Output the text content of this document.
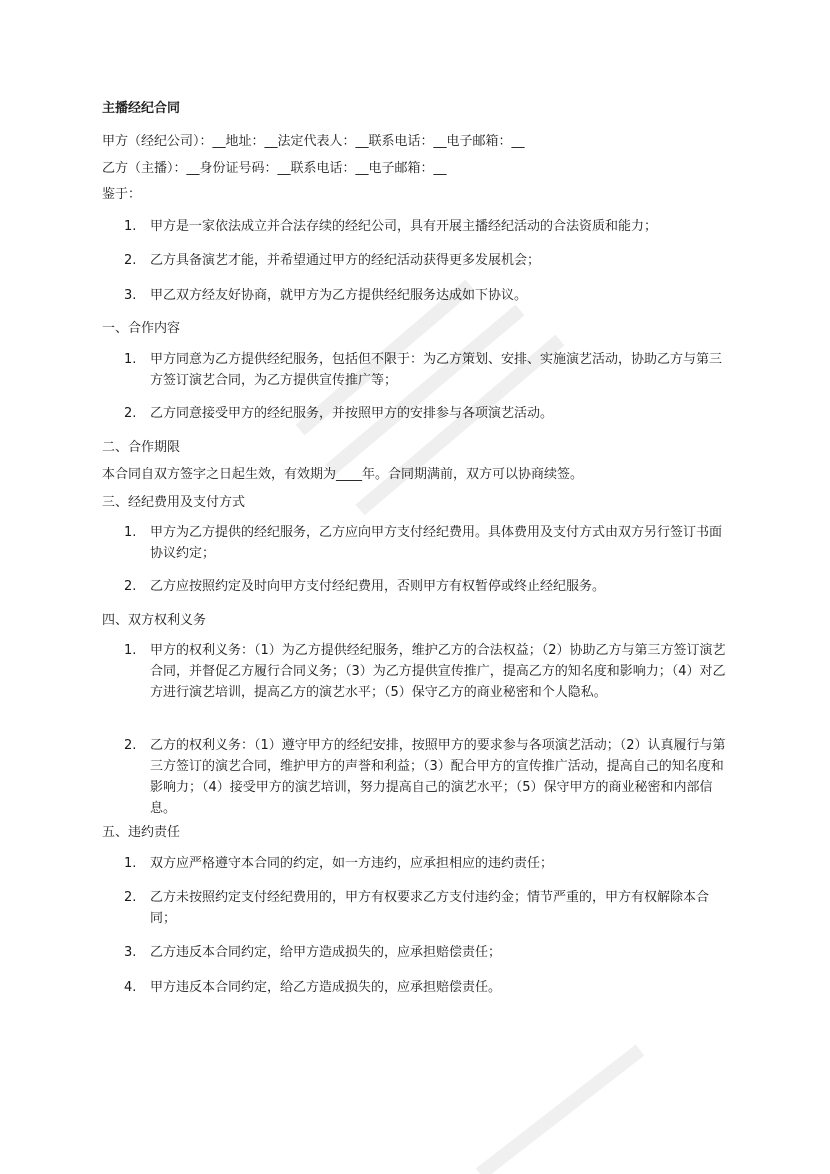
主播经纪合同
甲方（经纪公司）：__地址：__法定代表人：__联系电话：__电子邮箱：__
乙方（主播）：__身份证号码：__联系电话：__电子邮箱：__
鉴于：
1.	甲方是一家依法成立并合法存续的经纪公司，具有开展主播经纪活动的合法资质和能力；
2.	乙方具备演艺才能，并希望通过甲方的经纪活动获得更多发展机会；
3.	甲乙双方经友好协商，就甲方为乙方提供经纪服务达成如下协议。
一、合作内容
1.	甲方同意为乙方提供经纪服务，包括但不限于：为乙方策划、安排、实施演艺活动，协助乙方与第三方签订演艺合同，为乙方提供宣传推广等；
2.	乙方同意接受甲方的经纪服务，并按照甲方的安排参与各项演艺活动。
二、合作期限
本合同自双方签字之日起生效，有效期为____年。合同期满前，双方可以协商续签。
三、经纪费用及支付方式
1.	甲方为乙方提供的经纪服务，乙方应向甲方支付经纪费用。具体费用及支付方式由双方另行签订书面协议约定；
2.	乙方应按照约定及时向甲方支付经纪费用，否则甲方有权暂停或终止经纪服务。
四、双方权利义务
1.	甲方的权利义务：（1）为乙方提供经纪服务，维护乙方的合法权益；（2）协助乙方与第三方签订演艺合同，并督促乙方履行合同义务；（3）为乙方提供宣传推广，提高乙方的知名度和影响力；（4）对乙方进行演艺培训，提高乙方的演艺水平；（5）保守乙方的商业秘密和个人隐私。
2.	乙方的权利义务：（1）遵守甲方的经纪安排，按照甲方的要求参与各项演艺活动；（2）认真履行与第三方签订的演艺合同，维护甲方的声誉和利益；（3）配合甲方的宣传推广活动，提高自己的知名度和影响力；（4）接受甲方的演艺培训，努力提高自己的演艺水平；（5）保守甲方的商业秘密和内部信息。
五、违约责任
1.	双方应严格遵守本合同的约定，如一方违约，应承担相应的违约责任；
2.	乙方未按照约定支付经纪费用的，甲方有权要求乙方支付违约金；情节严重的，甲方有权解除本合同；
3.	乙方违反本合同约定，给甲方造成损失的，应承担赔偿责任；
4.	甲方违反本合同约定，给乙方造成损失的，应承担赔偿责任。
